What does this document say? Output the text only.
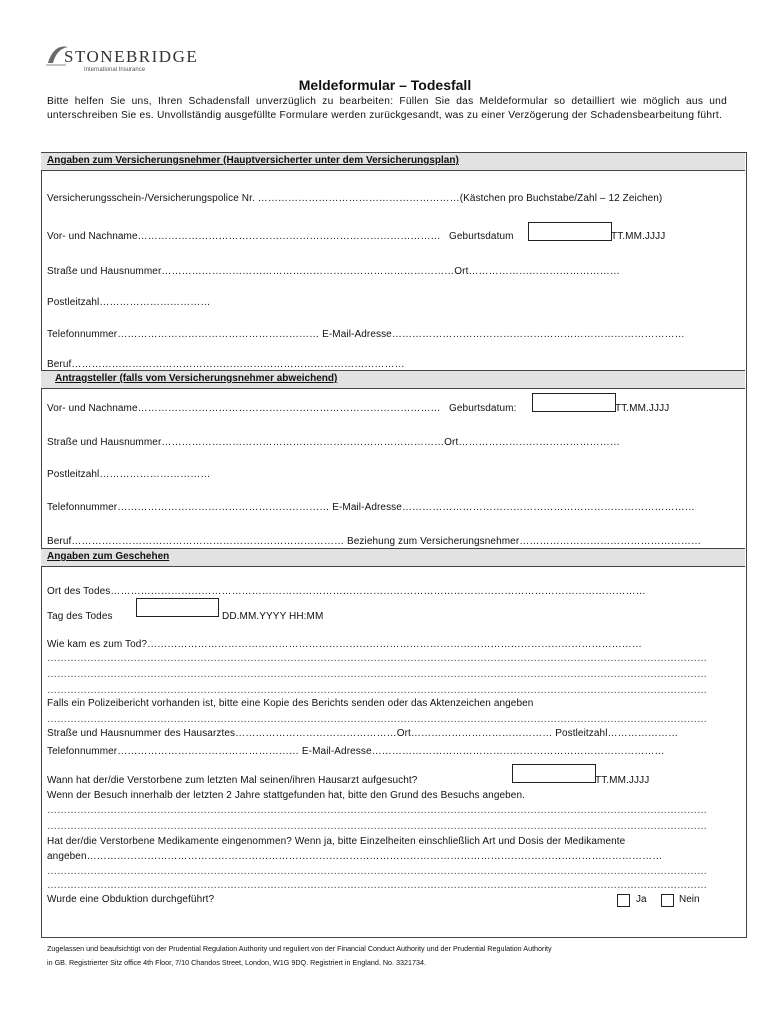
STONEBRIDGE
International Insurance
Meldeformular – Todesfall
Bitte helfen Sie uns, Ihren Schadensfall unverzüglich zu bearbeiten: Füllen Sie das Meldeformular so detailliert wie möglich aus und unterschreiben Sie es. Unvollständig ausgefüllte Formulare werden zurückgesandt, was zu einer Verzögerung der Schadensbearbeitung führt.
Angaben zum Versicherungsnehmer (Hauptversicherter unter dem Versicherungsplan)
Versicherungsschein-/Versicherungspolice Nr. ……………………………………………………(Kästchen pro Buchstabe/Zahl – 12 Zeichen)
Vor- und Nachname……………………………………………………………………………… Geburtsdatum	TT.MM.JJJJ
Straße und Hausnummer……………………………………………………………………………Ort………………………………………
Postleitzahl……………………………
Telefonnummer…………………………………………………… E-Mail-Adresse……………………………………………………………………………
Beruf………………………………………………………………………………………
Antragsteller (falls vom Versicherungsnehmer abweichend)
Vor- und Nachname……………………………………………………………………………… Geburtsdatum:	TT.MM.JJJJ
Straße und Hausnummer…………………………………………………………………………Ort…………………………………………
Postleitzahl……………………………
Telefonnummer……………………………………………………… E-Mail-Adresse……………………………………………………………………………
Beruf……………………………………………………………………… Beziehung zum Versicherungsnehmer………………………………………………
Angaben zum Geschehen
Ort des Todes……………………………………………………………………………………………………………………………………………
Tag des Todes	DD.MM.YYYY HH:MM
Wie kam es zum Tod?…………………………………………………………………………………………………………………………………
………………………………………………………………………………………………………………………………………………………………………………
………………………………………………………………………………………………………………………………………………………………………………
………………………………………………………………………………………………………………………………………………………………………………
Falls ein Polizeibericht vorhanden ist, bitte eine Kopie des Berichts senden oder das Aktenzeichen angeben
………………………………………………………………………………………………………………………………………………………………………………
Straße und Hausnummer des Hausarztes…………………………………………Ort…………………………………… Postleitzahl…………………
Telefonnummer……………………………………………… E-Mail-Adresse……………………………………………………………………………
Wann hat der/die Verstorbene zum letzten Mal seinen/ihren Hausarzt aufgesucht?	TT.MM.JJJJ
Wenn der Besuch innerhalb der letzten 2 Jahre stattgefunden hat, bitte den Grund des Besuchs angeben.
………………………………………………………………………………………………………………………………………………………………………………
………………………………………………………………………………………………………………………………………………………………………………
Hat der/die Verstorbene Medikamente eingenommen? Wenn ja, bitte Einzelheiten einschließlich Art und Dosis der Medikamente
angeben………………………………………………………………………………………………………………………………………………………
………………………………………………………………………………………………………………………………………………………………………………
………………………………………………………………………………………………………………………………………………………………………………
Wurde eine Obduktion durchgeführt?	Ja	Nein
Zugelassen und beaufsichtigt von der Prudential Regulation Authority und reguliert von der Financial Conduct Authority und der Prudential Regulation Authority
in GB. Registrierter Sitz office 4th Floor, 7/10 Chandos Street, London, W1G 9DQ. Registriert in England. No. 3321734.
